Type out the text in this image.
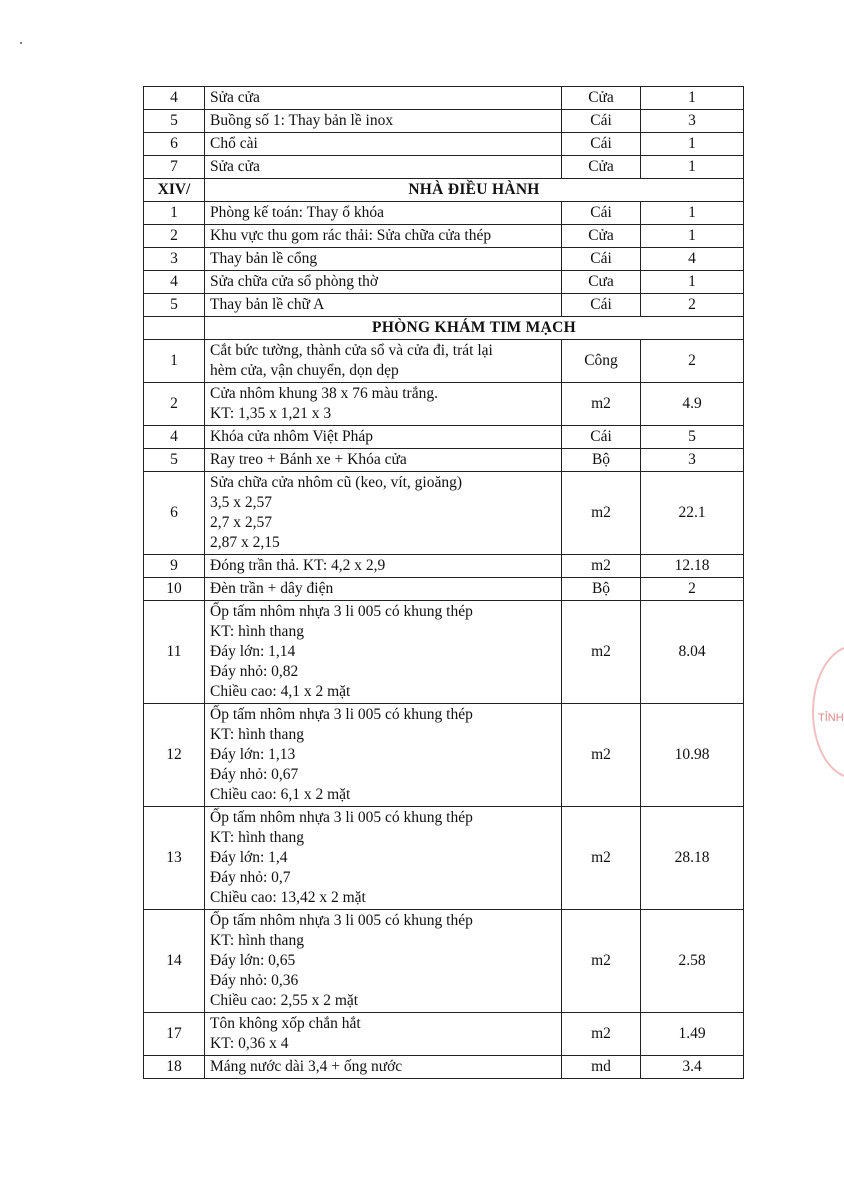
4	Sửa cửa	Cửa	1
5	Buồng số 1: Thay bản lề inox	Cái	3
6	Chổ cài	Cái	1
7	Sửa cửa	Cửa	1
XIV/	NHÀ ĐIỀU HÀNH		
1	Phòng kế toán: Thay ổ khóa	Cái	1
2	Khu vực thu gom rác thải: Sửa chữa cửa thép	Cửa	1
3	Thay bản lề cổng	Cái	4
4	Sửa chữa cửa sổ phòng thờ	Cưa	1
5	Thay bản lề chữ A	Cái	2
	PHÒNG KHÁM TIM MẠCH		
1	Cắt bức tường, thành cửa sổ và cửa đi, trát lại
hèm cửa, vận chuyển, dọn dẹp	Công	2
2	Cửa nhôm khung 38 x 76 màu trắng.
KT: 1,35 x 1,21 x 3	m2	4.9
4	Khóa cửa nhôm Việt Pháp	Cái	5
5	Ray treo + Bánh xe + Khóa cửa	Bộ	3
6	Sửa chữa cửa nhôm cũ (keo, vít, gioăng)
3,5 x 2,57
2,7 x 2,57
2,87 x 2,15	m2	22.1
9	Đóng trần thả. KT: 4,2 x 2,9	m2	12.18
10	Đèn trần + dây điện	Bộ	2
11	Ốp tấm nhôm nhựa 3 li 005 có khung thép
KT: hình thang
Đáy lớn: 1,14
Đáy nhỏ: 0,82
Chiều cao: 4,1 x 2 mặt	m2	8.04
12	Ốp tấm nhôm nhựa 3 li 005 có khung thép
KT: hình thang
Đáy lớn: 1,13
Đáy nhỏ: 0,67
Chiều cao: 6,1 x 2 mặt	m2	10.98
13	Ốp tấm nhôm nhựa 3 li 005 có khung thép
KT: hình thang
Đáy lớn: 1,4
Đáy nhỏ: 0,7
Chiều cao: 13,42 x 2 mặt	m2	28.18
14	Ốp tấm nhôm nhựa 3 li 005 có khung thép
KT: hình thang
Đáy lớn: 0,65
Đáy nhỏ: 0,36
Chiều cao: 2,55 x 2 mặt	m2	2.58
17	Tôn không xốp chắn hắt
KT: 0,36 x 4	m2	1.49
18	Máng nước dài 3,4 + ống nước	md	3.4
TỈNH
